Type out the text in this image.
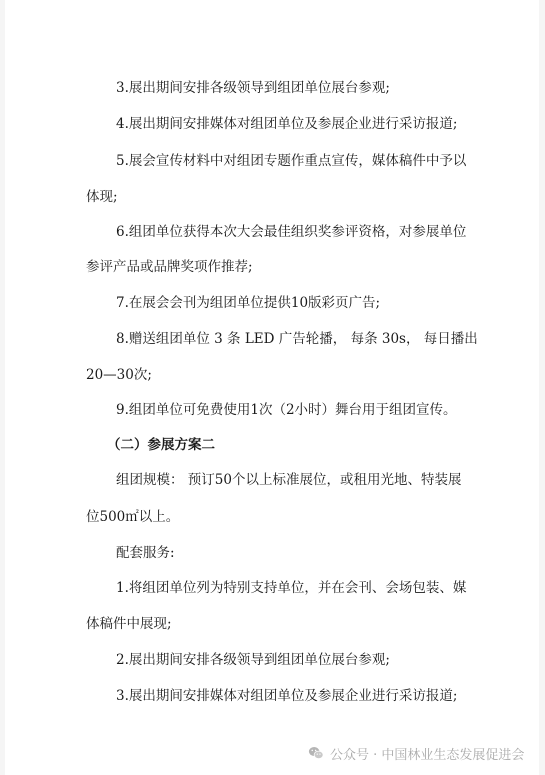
3.展出期间安排各级领导到组团单位展台参观;
4.展出期间安排媒体对组团单位及参展企业进行采访报道;
5.展会宣传材料中对组团专题作重点宣传，媒体稿件中予以
体现;
6.组团单位获得本次大会最佳组织奖参评资格，对参展单位
参评产品或品牌奖项作推荐;
7.在展会会刊为组团单位提供10版彩页广告;
8.赠送组团单位 3 条 LED 广告轮播， 每条 30s， 每日播出
20—30次;
9.组团单位可免费使用1次（2小时）舞台用于组团宣传。
（二）参展方案二
组团规模： 预订50个以上标准展位，或租用光地、特装展
位500㎡以上。
配套服务:
1.将组团单位列为特别支持单位，并在会刊、会场包装、媒
体稿件中展现;
2.展出期间安排各级领导到组团单位展台参观;
3.展出期间安排媒体对组团单位及参展企业进行采访报道;
公众号 · 中国林业生态发展促进会
